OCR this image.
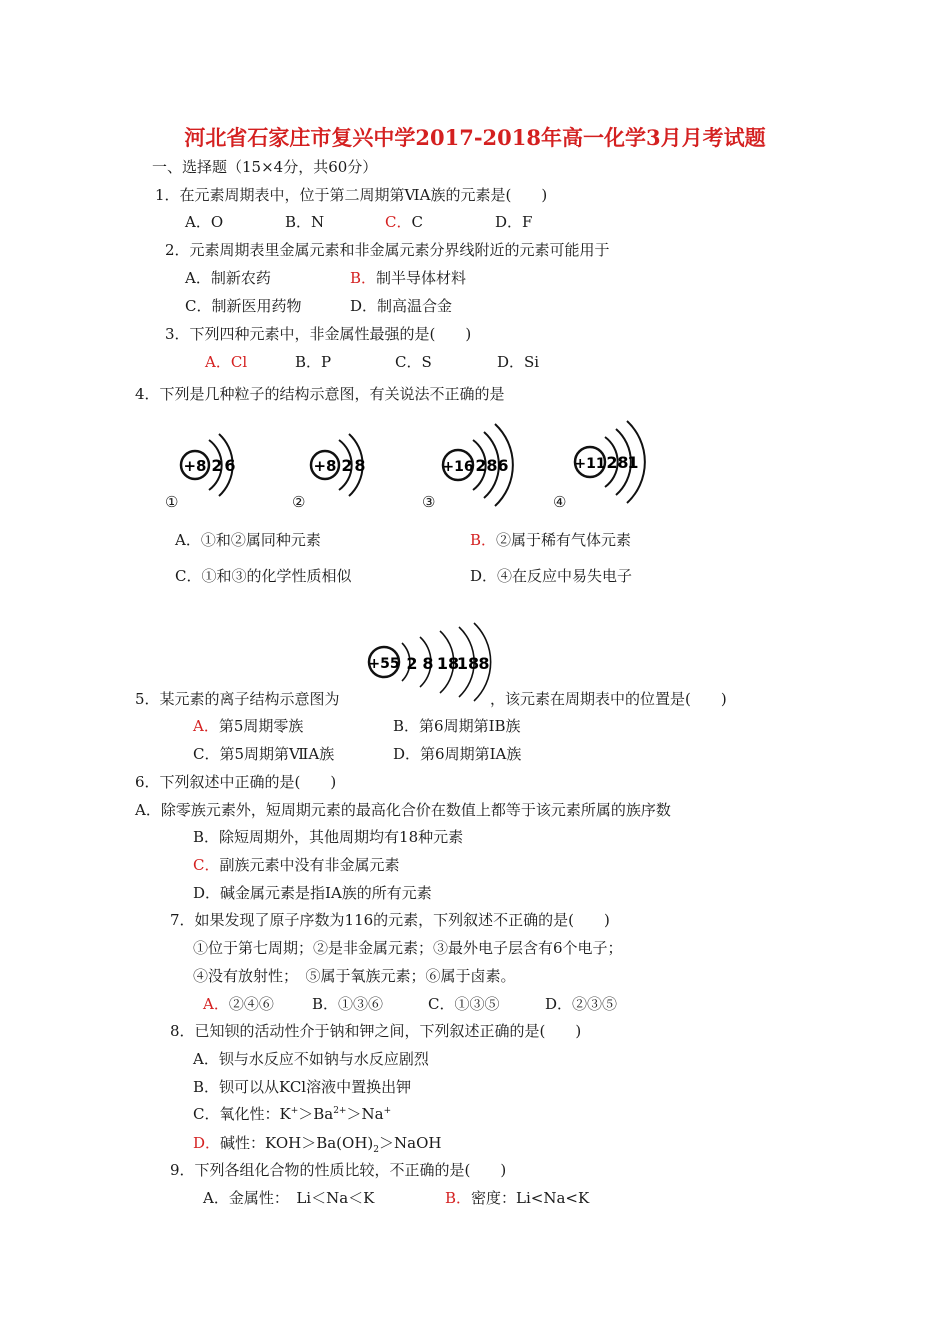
河北省石家庄市复兴中学2017-2018年高一化学3月月考试题
一、选择题（15×4分，共60分）
1．在元素周期表中，位于第二周期第ⅥA族的元素是(　　)
A．O	B．N	C．C	D．F
2．元素周期表里金属元素和非金属元素分界线附近的元素可能用于
A．制新农药	B．制半导体材料
C．制新医用药物	D．制高温合金
3．下列四种元素中，非金属性最强的是(　　)
A．Cl	B．P	C．S	D．Si
4．下列是几种粒子的结构示意图，有关说法不正确的是
+8 2 6	+8 2 8	+16 2 8 6	+11 2 8
1
+55 2 8 18
18 8
①	②	③	④
A．①和②属同种元素	B．②属于稀有气体元素
C．①和③的化学性质相似	D．④在反应中易失电子
5．某元素的离子结构示意图为	，该元素在周期表中的位置是(　　)
A．第5周期零族	B．第6周期第ⅠB族
C．第5周期第ⅦA族	D．第6周期第ⅠA族
6．下列叙述中正确的是(　　)
A．除零族元素外，短周期元素的最高化合价在数值上都等于该元素所属的族序数
B．除短周期外，其他周期均有18种元素
C．副族元素中没有非金属元素
D．碱金属元素是指ⅠA族的所有元素
7．如果发现了原子序数为116的元素，下列叙述不正确的是(　　)
①位于第七周期；②是非金属元素；③最外电子层含有6个电子；
④没有放射性；　⑤属于氧族元素；⑥属于卤素。
A．②④⑥	B．①③⑥	C．①③⑤	D．②③⑤
8．已知钡的活动性介于钠和钾之间，下列叙述正确的是(　　)
A．钡与水反应不如钠与水反应剧烈
B．钡可以从KCl溶液中置换出钾
C．氧化性：$K^+>Ba^{2+}>Na^+$
D．碱性：$KOH>Ba(OH)_2>NaOH$
9．下列各组化合物的性质比较，不正确的是(　　)
A．金属性：　Li＜Na＜K	B．密度：Li<Na<K
